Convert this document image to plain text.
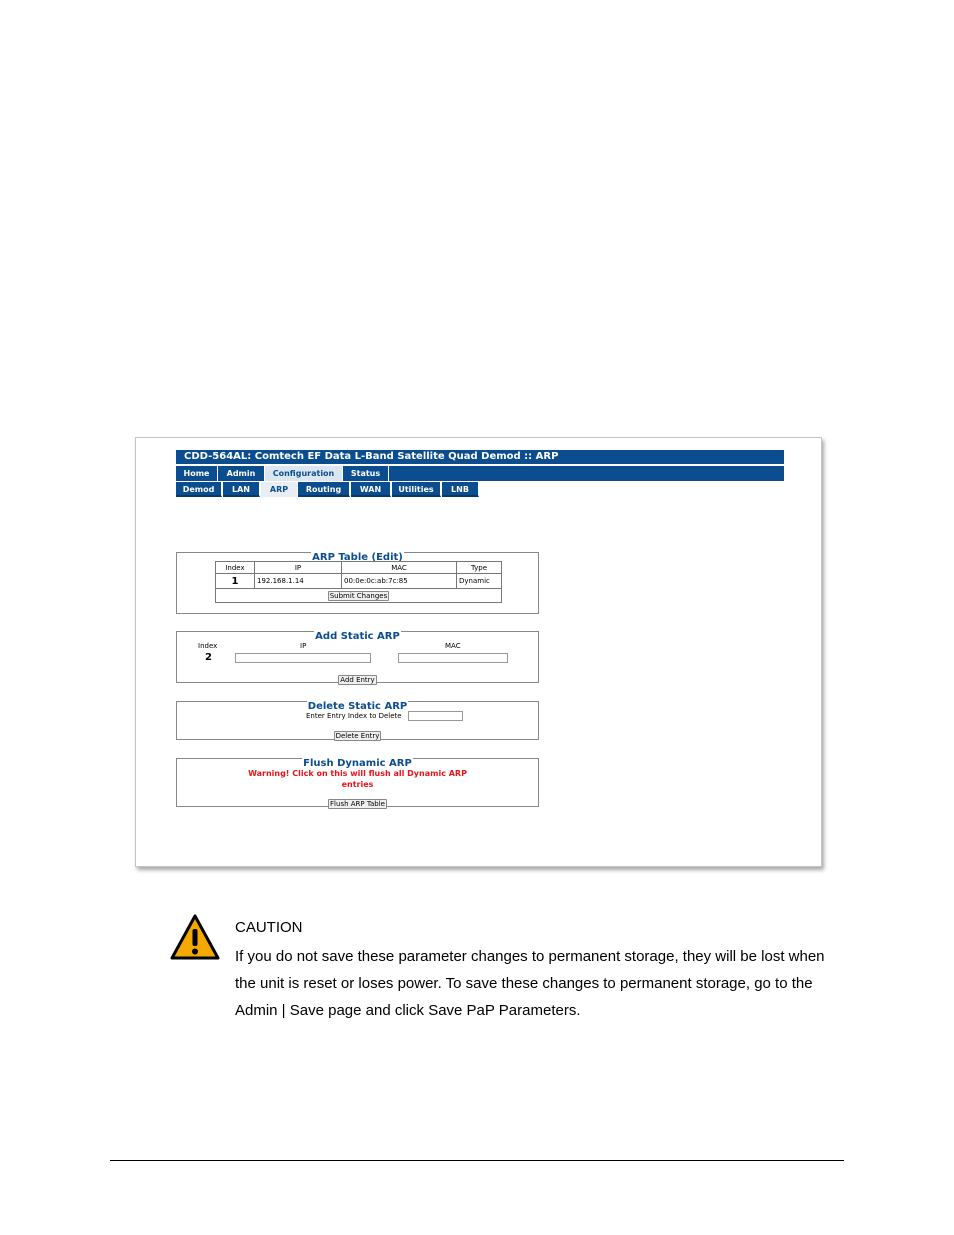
CDD-564AL: Comtech EF Data L-Band Satellite Quad Demod :: ARP
Home	Admin	Configuration	Status
Demod	LAN	ARP	Routing	WAN	Utilities	LNB
ARP Table (Edit)
Index	IP	MAC	Type
1	192.168.1.14	00:0e:0c:ab:7c:85	Dynamic
Submit Changes			
Add Static ARP
Index	IP	MAC
2
Add Entry
Delete Static ARP
Enter Entry Index to Delete
Delete Entry
Flush Dynamic ARP
Warning! Click on this will flush all Dynamic ARP
entries
Flush ARP Table
CAUTION
If you do not save these parameter changes to permanent storage, they will be lost when the unit is reset or loses power. To save these changes to permanent storage, go to the Admin | Save page and click Save PaP Parameters.
